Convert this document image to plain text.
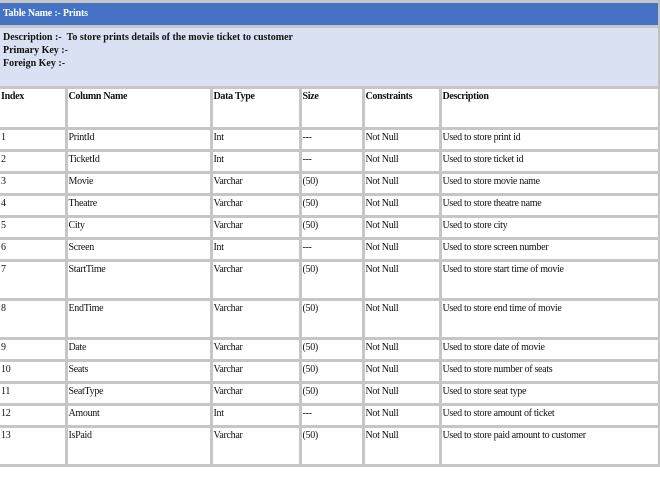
Table Name :- Prints
Description :- To store prints details of the movie ticket to customer
Primary Key :-
Foreign Key :-
Index	Column Name	Data Type	Size	Constraints	Description
1	PrintId	Int	---	Not Null	Used to store print id
2	TicketId	Int	---	Not Null	Used to store ticket id
3	Movie	Varchar	(50)	Not Null	Used to store movie name
4	Theatre	Varchar	(50)	Not Null	Used to store theatre name
5	City	Varchar	(50)	Not Null	Used to store city
6	Screen	Int	---	Not Null	Used to store screen number
7	StartTime	Varchar	(50)	Not Null	Used to store start time of movie
8	EndTime	Varchar	(50)	Not Null	Used to store end time of movie
9	Date	Varchar	(50)	Not Null	Used to store date of movie
10	Seats	Varchar	(50)	Not Null	Used to store number of seats
11	SeatType	Varchar	(50)	Not Null	Used to store seat type
12	Amount	Int	---	Not Null	Used to store amount of ticket
13	IsPaid	Varchar	(50)	Not Null	Used to store paid amount to customer
